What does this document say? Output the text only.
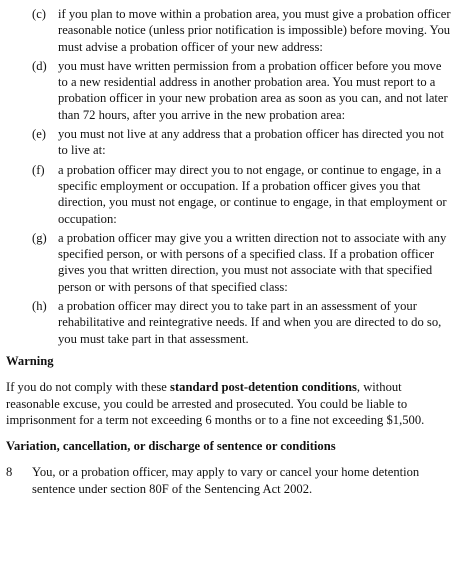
(c) if you plan to move within a probation area, you must give a probation officer reasonable notice (unless prior notification is impossible) before moving. You must advise a probation officer of your new address:
(d) you must have written permission from a probation officer before you move to a new residential address in another probation area. You must report to a probation officer in your new probation area as soon as you can, and not later than 72 hours, after you arrive in the new probation area:
(e) you must not live at any address that a probation officer has directed you not to live at:
(f)	a probation officer may direct you to not engage, or continue to engage, in a specific employment or occupation. If a probation officer gives you that direction, you must not engage, or continue to engage, in that employment or occupation:
(g) a probation officer may give you a written direction not to associate with any specified person, or with persons of a specified class. If a probation officer gives you that written direction, you must not associate with that specified person or with persons of that specified class:
(h) a probation officer may direct you to take part in an assessment of your rehabilitative and reintegrative needs. If and when you are directed to do so, you must take part in that assessment.
Warning

If you do not comply with these standard post-detention conditions, without reasonable excuse, you could be arrested and prosecuted. You could be liable to imprisonment for a term not exceeding 6 months or to a fine not exceeding $1,500.

Variation, cancellation, or discharge of sentence or conditions
8	You, or a probation officer, may apply to vary or cancel your home detention sentence under section 80F of the Sentencing Act 2002.
